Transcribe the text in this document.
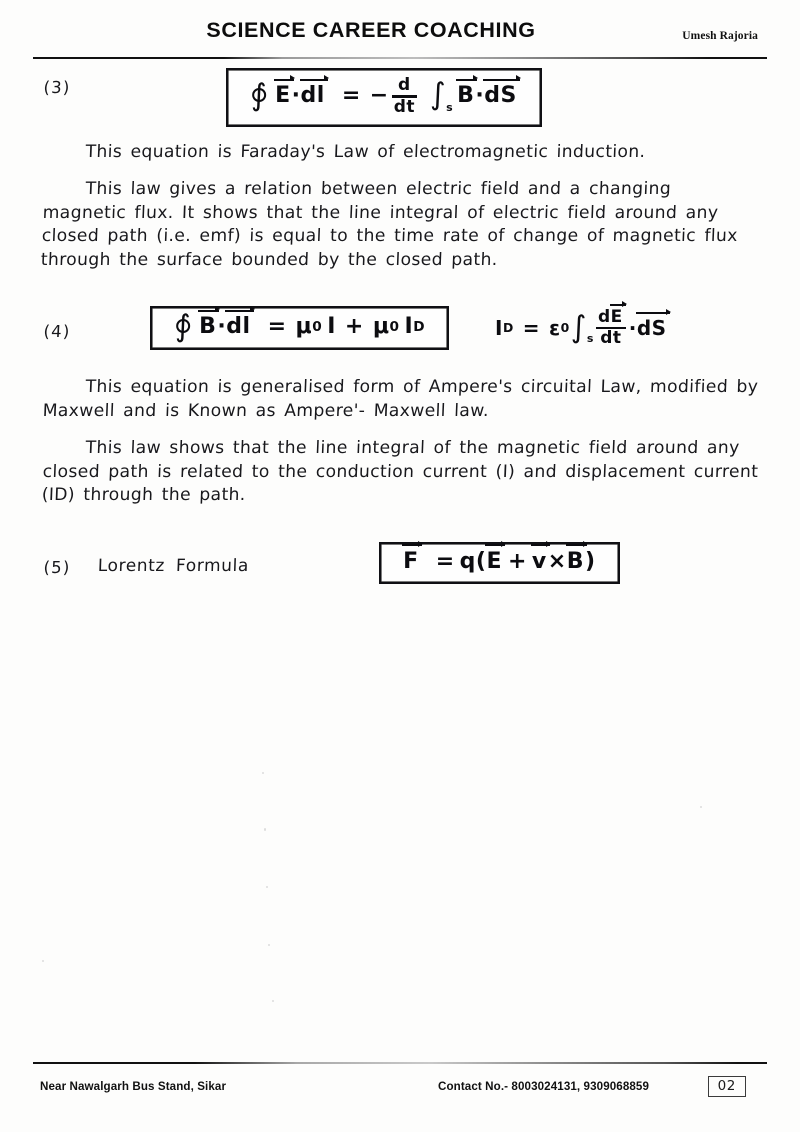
SCIENCE CAREER COACHING	Umesh Rajoria
(3)	∫ E · dl = − $\frac{d}{dt}$ ∫ s B · dS
This equation is Faraday's Law of electromagnetic induction.
This law gives a relation between electric field and a changing magnetic flux. It shows that the line integral of electric field around any closed path (i.e. emf) is equal to the time rate of change of magnetic flux through the surface bounded by the closed path.
(4)	∫ B · dl = μ 0 I + μ 0 I D	I D = ε 0 ∫ s $\frac{dE}{dt}$ · dS
This equation is generalised form of Ampere's circuital Law, modified by Maxwell and is Known as Ampere'- Maxwell law.
This law shows that the line integral of the magnetic field around any closed path is related to the conduction current (I) and displacement current (ID) through the path.
(5)	Lorentz Formula	F = q ( E + v × B )
Near Nawalgarh Bus Stand, Sikar	Contact No.- 8003024131, 9309068859	02
